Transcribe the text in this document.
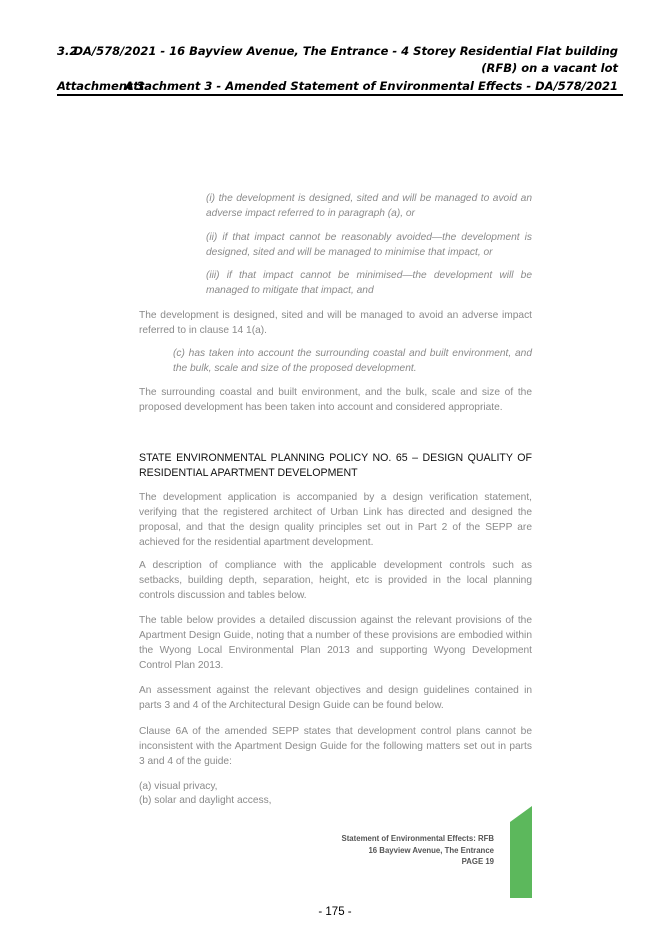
3.2
DA/578/2021 - 16 Bayview Avenue, The Entrance - 4 Storey Residential Flat building
(RFB) on a vacant lot
Attachment 3
Attachment 3 - Amended Statement of Environmental Effects - DA/578/2021
(i) the development is designed, sited and will be managed to avoid an adverse impact referred to in paragraph (a), or
(ii) if that impact cannot be reasonably avoided—the development is designed, sited and will be managed to minimise that impact, or
(iii) if that impact cannot be minimised—the development will be managed to mitigate that impact, and
The development is designed, sited and will be managed to avoid an adverse impact referred to in clause 14 1(a).
(c) has taken into account the surrounding coastal and built environment, and the bulk, scale and size of the proposed development.
The surrounding coastal and built environment, and the bulk, scale and size of the proposed development has been taken into account and considered appropriate.
STATE ENVIRONMENTAL PLANNING POLICY NO. 65 – DESIGN QUALITY OF RESIDENTIAL APARTMENT DEVELOPMENT
The development application is accompanied by a design verification statement, verifying that the registered architect of Urban Link has directed and designed the proposal, and that the design quality principles set out in Part 2 of the SEPP are achieved for the residential apartment development.
A description of compliance with the applicable development controls such as setbacks, building depth, separation, height, etc is provided in the local planning controls discussion and tables below.
The table below provides a detailed discussion against the relevant provisions of the Apartment Design Guide, noting that a number of these provisions are embodied within the Wyong Local Environmental Plan 2013 and supporting Wyong Development Control Plan 2013.
An assessment against the relevant objectives and design guidelines contained in parts 3 and 4 of the Architectural Design Guide can be found below.
Clause 6A of the amended SEPP states that development control plans cannot be inconsistent with the Apartment Design Guide for the following matters set out in parts 3 and 4 of the guide:
(a) visual privacy,
(b) solar and daylight access,
Statement of Environmental Effects: RFB
16 Bayview Avenue, The Entrance
PAGE 19
- 175 -
